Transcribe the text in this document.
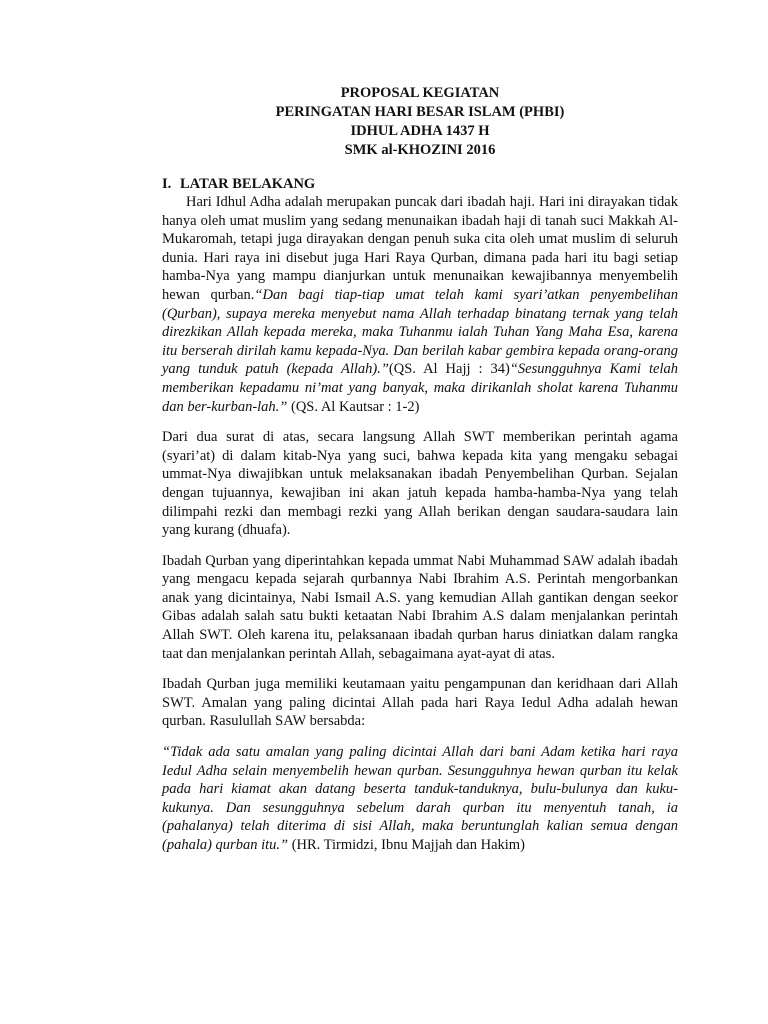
PROPOSAL KEGIATAN
PERINGATAN HARI BESAR ISLAM (PHBI)
IDHUL ADHA 1437 H
SMK al-KHOZINI 2016
I. LATAR BELAKANG

Hari Idhul Adha adalah merupakan puncak dari ibadah haji. Hari ini dirayakan tidak hanya oleh umat muslim yang sedang menunaikan ibadah haji di tanah suci Makkah Al-Mukaromah, tetapi juga dirayakan dengan penuh suka cita oleh umat muslim di seluruh dunia. Hari raya ini disebut juga Hari Raya Qurban, dimana pada hari itu bagi setiap hamba-Nya yang mampu dianjurkan untuk menunaikan kewajibannya menyembelih hewan qurban.“Dan bagi tiap-tiap umat telah kami syari’atkan penyembelihan (Qurban), supaya mereka menyebut nama Allah terhadap binatang ternak yang telah direzkikan Allah kepada mereka, maka Tuhanmu ialah Tuhan Yang Maha Esa, karena itu berserah dirilah kamu kepada-Nya. Dan berilah kabar gembira kepada orang-orang yang tunduk patuh (kepada Allah).”(QS. Al Hajj : 34)“Sesungguhnya Kami telah memberikan kepadamu ni’mat yang banyak, maka dirikanlah sholat karena Tuhanmu dan ber-kurban-lah.” (QS. Al Kautsar : 1-2)

Dari dua surat di atas, secara langsung Allah SWT memberikan perintah agama (syari’at) di dalam kitab-Nya yang suci, bahwa kepada kita yang mengaku sebagai ummat-Nya diwajibkan untuk melaksanakan ibadah Penyembelihan Qurban. Sejalan dengan tujuannya, kewajiban ini akan jatuh kepada hamba-hamba-Nya yang telah dilimpahi rezki dan membagi rezki yang Allah berikan dengan saudara-saudara lain yang kurang (dhuafa).

Ibadah Qurban yang diperintahkan kepada ummat Nabi Muhammad SAW adalah ibadah yang mengacu kepada sejarah qurbannya Nabi Ibrahim A.S. Perintah mengorbankan anak yang dicintainya, Nabi Ismail A.S. yang kemudian Allah gantikan dengan seekor Gibas adalah salah satu bukti ketaatan Nabi Ibrahim A.S dalam menjalankan perintah Allah SWT. Oleh karena itu, pelaksanaan ibadah qurban harus diniatkan dalam rangka taat dan menjalankan perintah Allah, sebagaimana ayat-ayat di atas.

Ibadah Qurban juga memiliki keutamaan yaitu pengampunan dan keridhaan dari Allah SWT. Amalan yang paling dicintai Allah pada hari Raya Iedul Adha adalah hewan qurban. Rasulullah SAW bersabda:

“Tidak ada satu amalan yang paling dicintai Allah dari bani Adam ketika hari raya Iedul Adha selain menyembelih hewan qurban. Sesungguhnya hewan qurban itu kelak pada hari kiamat akan datang beserta tanduk-tanduknya, bulu-bulunya dan kuku-kukunya. Dan sesungguhnya sebelum darah qurban itu menyentuh tanah, ia (pahalanya) telah diterima di sisi Allah, maka beruntunglah kalian semua dengan (pahala) qurban itu.” (HR. Tirmidzi, Ibnu Majjah dan Hakim)
